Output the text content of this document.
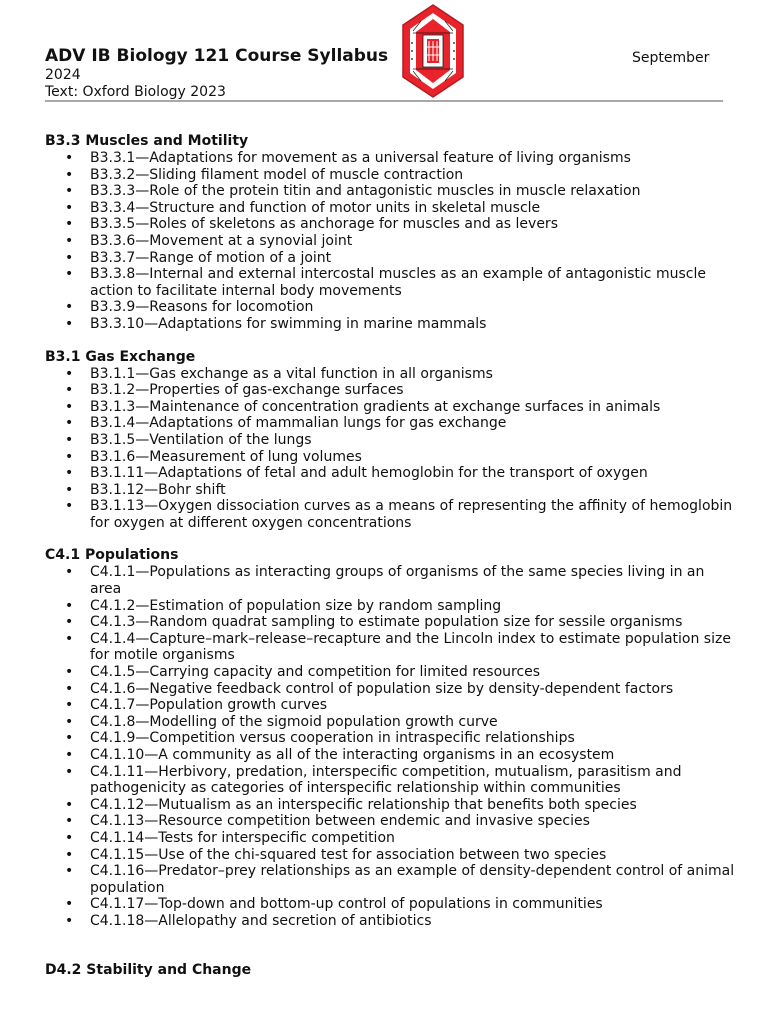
ADV IB Biology 121 Course Syllabus	September
2024
Text: Oxford Biology 2023
B3.3 Muscles and Motility
• B3.3.1—Adaptations for movement as a universal feature of living organisms
• B3.3.2—Sliding filament model of muscle contraction
• B3.3.3—Role of the protein titin and antagonistic muscles in muscle relaxation
• B3.3.4—Structure and function of motor units in skeletal muscle
• B3.3.5—Roles of skeletons as anchorage for muscles and as levers
• B3.3.6—Movement at a synovial joint
• B3.3.7—Range of motion of a joint
• B3.3.8—Internal and external intercostal muscles as an example of antagonistic muscle action to facilitate internal body movements
• B3.3.9—Reasons for locomotion
• B3.3.10—Adaptations for swimming in marine mammals
B3.1 Gas Exchange
• B3.1.1—Gas exchange as a vital function in all organisms
• B3.1.2—Properties of gas-exchange surfaces
• B3.1.3—Maintenance of concentration gradients at exchange surfaces in animals
• B3.1.4—Adaptations of mammalian lungs for gas exchange
• B3.1.5—Ventilation of the lungs
• B3.1.6—Measurement of lung volumes
• B3.1.11—Adaptations of fetal and adult hemoglobin for the transport of oxygen
• B3.1.12—Bohr shift
• B3.1.13—Oxygen dissociation curves as a means of representing the affinity of hemoglobin for oxygen at different oxygen concentrations
C4.1 Populations
• C4.1.1—Populations as interacting groups of organisms of the same species living in an area
• C4.1.2—Estimation of population size by random sampling
• C4.1.3—Random quadrat sampling to estimate population size for sessile organisms
• C4.1.4—Capture–mark–release–recapture and the Lincoln index to estimate population size for motile organisms
• C4.1.5—Carrying capacity and competition for limited resources
• C4.1.6—Negative feedback control of population size by density-dependent factors
• C4.1.7—Population growth curves
• C4.1.8—Modelling of the sigmoid population growth curve
• C4.1.9—Competition versus cooperation in intraspecific relationships
• C4.1.10—A community as all of the interacting organisms in an ecosystem
• C4.1.11—Herbivory, predation, interspecific competition, mutualism, parasitism and pathogenicity as categories of interspecific relationship within communities
• C4.1.12—Mutualism as an interspecific relationship that benefits both species
• C4.1.13—Resource competition between endemic and invasive species
• C4.1.14—Tests for interspecific competition
• C4.1.15—Use of the chi-squared test for association between two species
• C4.1.16—Predator–prey relationships as an example of density-dependent control of animal population
• C4.1.17—Top-down and bottom-up control of populations in communities
• C4.1.18—Allelopathy and secretion of antibiotics
D4.2 Stability and Change
